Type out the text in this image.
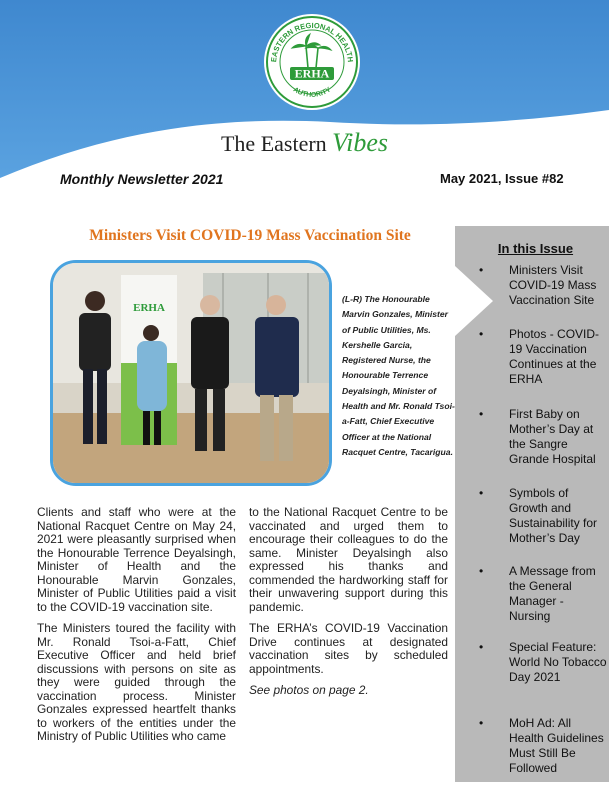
EASTERN REGIONAL HEALTH
AUTHORITY
ERHA
The Eastern Vibes
Monthly Newsletter 2021	May 2021, Issue #82
Ministers Visit COVID-19 Mass Vaccination Site
ERHA
(L-R) The Honourable Marvin Gonzales, Minister of Public Utilities, Ms. Kershelle Garcia, Registered Nurse, the Honourable Terrence Deyalsingh, Minister of Health and Mr. Ronald Tsoi-a-Fatt, Chief Executive Officer at the National Racquet Centre, Tacarigua.

Clients and staff who were at the National Racquet Centre on May 24, 2021 were pleasantly surprised when the Honourable Terrence Deyalsingh, Minister of Health and the Honourable Marvin Gonzales, Minister of Public Utilities paid a visit to the COVID-19 vaccination site.

The Ministers toured the facility with Mr. Ronald Tsoi-a-Fatt, Chief Executive Officer and held brief discussions with persons on site as they were guided through the vaccination process. Minister Gonzales expressed heartfelt thanks to workers of the entities under the Ministry of Public Utilities who came

to the National Racquet Centre to be vaccinated and urged them to encourage their colleagues to do the same. Minister Deyalsingh also expressed his thanks and commended the hardworking staff for their unwavering support during this pandemic.

The ERHA’s COVID-19 Vaccination Drive continues at designated vaccination sites by scheduled appointments.

See photos on page 2.

In this Issue
• Ministers Visit COVID-19 Mass Vaccination Site
• Photos - COVID-19 Vaccination Continues at the ERHA
• First Baby on Mother’s Day at the Sangre Grande Hospital
• Symbols of Growth and Sustainability for Mother’s Day
• A Message from the General Manager - Nursing
• Special Feature: World No Tobacco Day 2021
• MoH Ad: All Health Guidelines Must Still Be Followed
